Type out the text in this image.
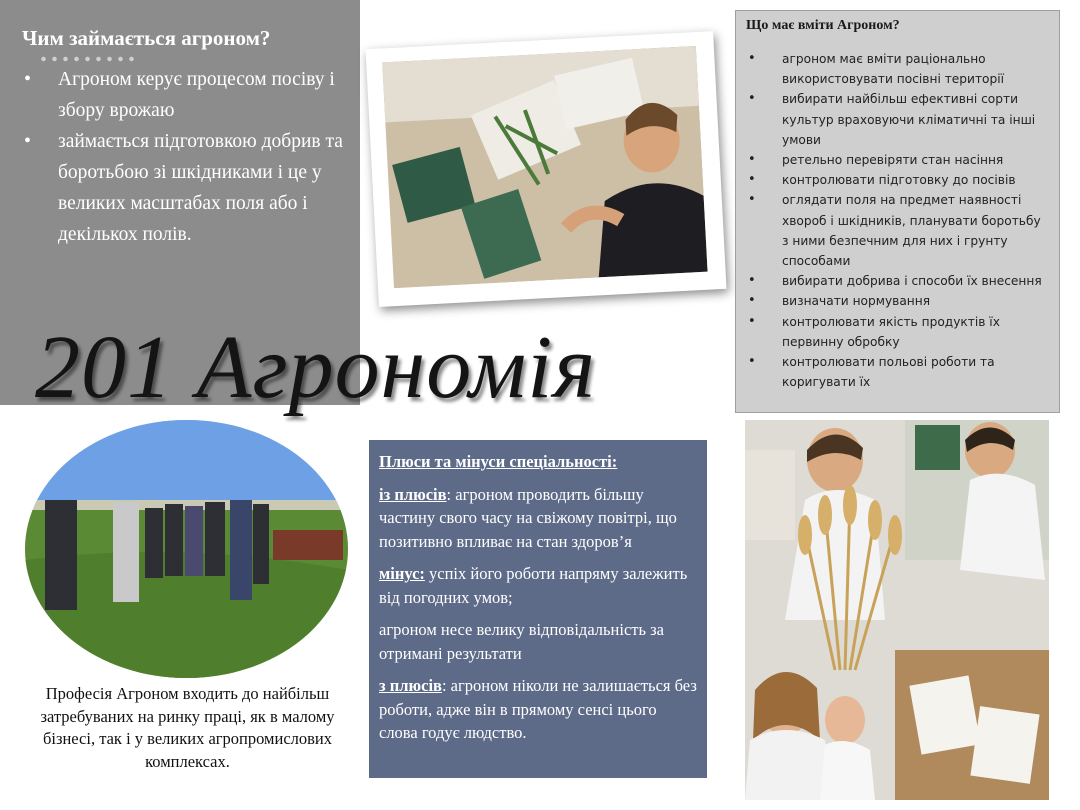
Чим займається агроном?
• Агроном керує процесом посіву і збору врожаю
• займається підготовкою добрив та боротьбою зі шкідниками і це у великих масштабах поля або і декількох полів.
Що має вміти Агроном?
• агроном має вміти раціонально використовувати посівні території
• вибирати найбільш ефективні сорти культур враховуючи кліматичні та інші умови
• ретельно перевіряти стан насіння
• контролювати підготовку до посівів
• оглядати поля на предмет наявності хвороб і шкідників, планувати боротьбу з ними безпечним для них і грунту способами
• вибирати добрива і способи їх внесення
• визначати нормування
• контролювати якість продуктів їх первинну обробку
• контролювати польові роботи та коригувати їх
201 Агрономія
Професія Агроном входить до найбільш затребуваних на ринку праці, як в малому бізнесі, так і у великих агропромислових комплексах.

Плюси та мінуси спеціальності:

із плюсів: агроном проводить більшу частину свого часу на свіжому повітрі, що позитивно впливає на стан здоров’я

мінус: успіх його роботи напряму залежить від погодних умов;

агроном несе велику відповідальність за отримані результати

з плюсів: агроном ніколи не залишається без роботи, адже він в прямому сенсі цього слова годує людство.
